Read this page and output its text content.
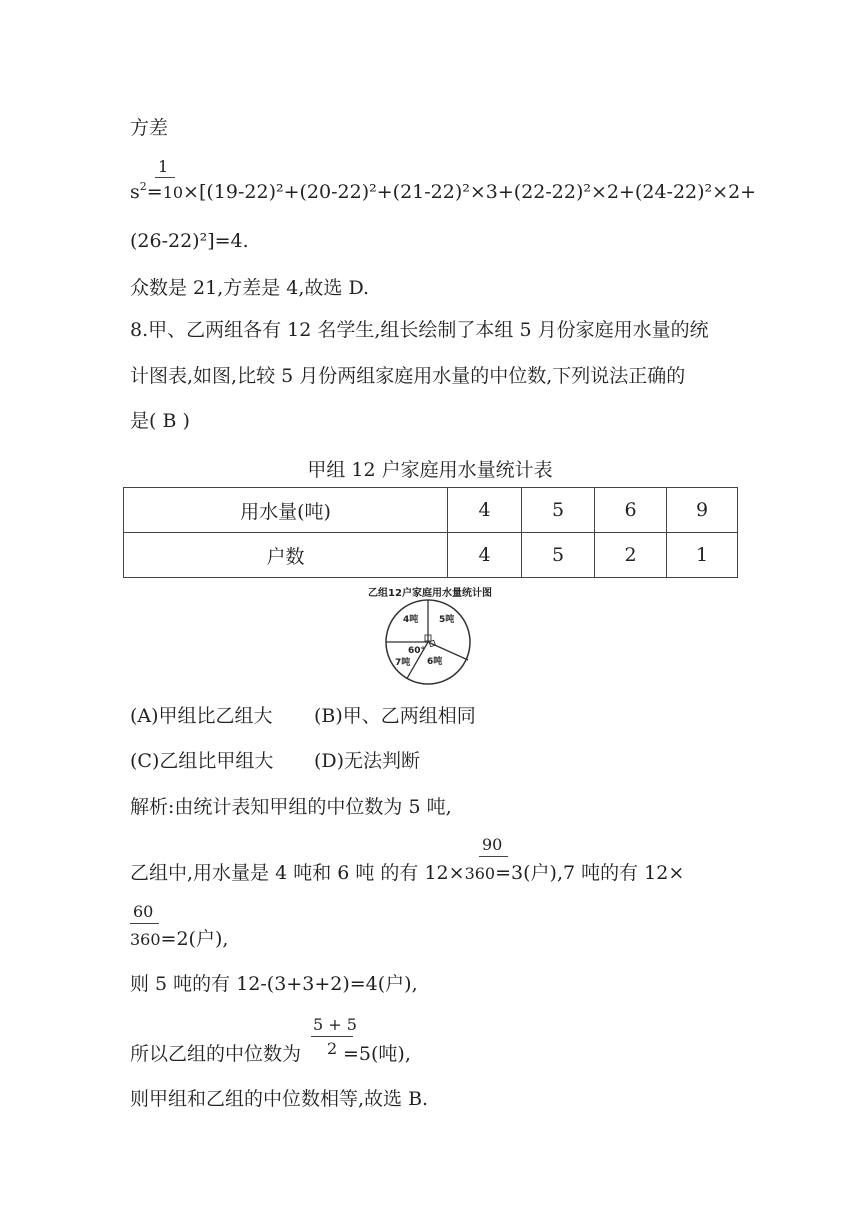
方差
1
$s^2=10\times[(19-22)^2+(20-22)^2+(21-22)^2\times 3+(22-22)^2\times 2+(24-22)^2\times 2+$
(26-22)²]=4.
众数是 21,方差是 4,故选 D.
8.甲、乙两组各有 12 名学生,组长绘制了本组 5 月份家庭用水量的统
计图表,如图,比较 5 月份两组家庭用水量的中位数,下列说法正确的
是( B )
甲组 12 户家庭用水量统计表
用水量(吨)	4	5	6	9
户数	4	5	2	1
乙组12户家庭用水量统计图
4吨 5吨
6吨
7吨
60°
(A)甲组比乙组大 (B)甲、乙两组相同
(C)乙组比甲组大 (D)无法判断
解析:由统计表知甲组的中位数为 5 吨,
90
乙组中,用水量是 4 吨和 6 吨 的有 12×360=3(户),7 吨的有 12×
60
360=2(户),
则 5 吨的有 12-(3+3+2)=4(户),
5 + 5
2
所以乙组的中位数为 =5(吨),
则甲组和乙组的中位数相等,故选 B.
